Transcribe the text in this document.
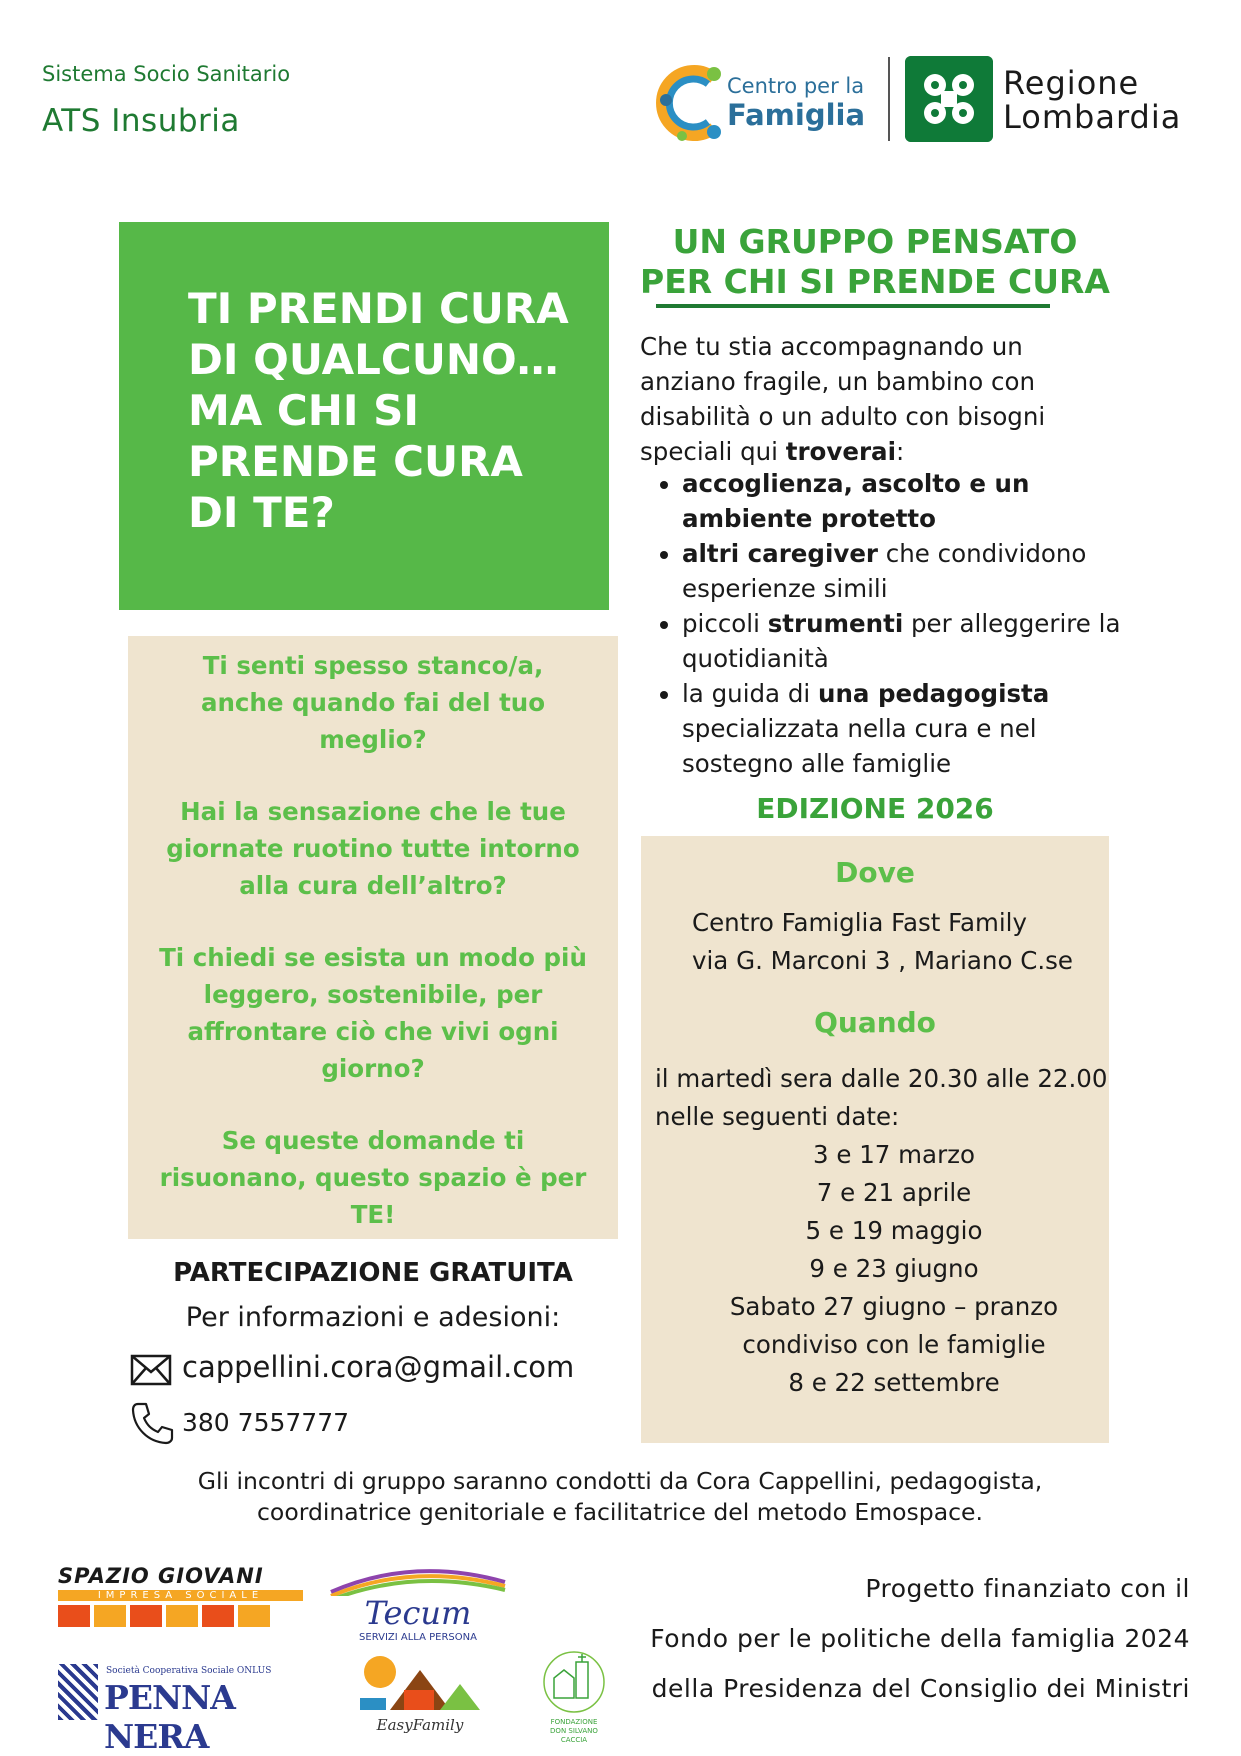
Sistema Socio Sanitario
ATS Insubria
Centro per la
Famiglia
Regione
Lombardia

TI PRENDI CURA
DI QUALCUNO…
MA CHI SI
PRENDE CURA
DI TE?

Ti senti spesso stanco/a,
anche quando fai del tuo
meglio?

Hai la sensazione che le tue
giornate ruotino tutte intorno
alla cura dell’altro?

Ti chiedi se esista un modo più
leggero, sostenibile, per
affrontare ciò che vivi ogni
giorno?

Se queste domande ti
risuonano, questo spazio è per
TE!

PARTECIPAZIONE GRATUITA
Per informazioni e adesioni:
cappellini.cora@gmail.com
380 7557777

UN GRUPPO PENSATO
PER CHI SI PRENDE CURA

Che tu stia accompagnando un
anziano fragile, un bambino con
disabilità o un adulto con bisogni
speciali qui troverai:

• accoglienza, ascolto e un ambiente protetto
• altri caregiver che condividono esperienze simili
• piccoli strumenti per alleggerire la quotidianità
• la guida di una pedagogista specializzata nella cura e nel sostegno alle famiglie
EDIZIONE 2026
Dove
Centro Famiglia Fast Family
via G. Marconi 3 , Mariano C.se
Quando
il martedì sera dalle 20.30 alle 22.00
nelle seguenti date:
3 e 17 marzo
7 e 21 aprile
5 e 19 maggio
9 e 23 giugno
Sabato 27 giugno – pranzo
condiviso con le famiglie
8 e 22 settembre

Gli incontri di gruppo saranno condotti da Cora Cappellini, pedagogista,
coordinatrice genitoriale e facilitatrice del metodo Emospace.

Progetto finanziato con il
Fondo per le politiche della famiglia 2024
della Presidenza del Consiglio dei Ministri
SPAZIO GIOVANI
IMPRESA SOCIALE	Tecum
SERVIZI ALLA PERSONA
Società Cooperativa Sociale ONLUS
PENNA NERA	EasyFamily	FONDAZIONE
DON SILVANO
CACCIA
